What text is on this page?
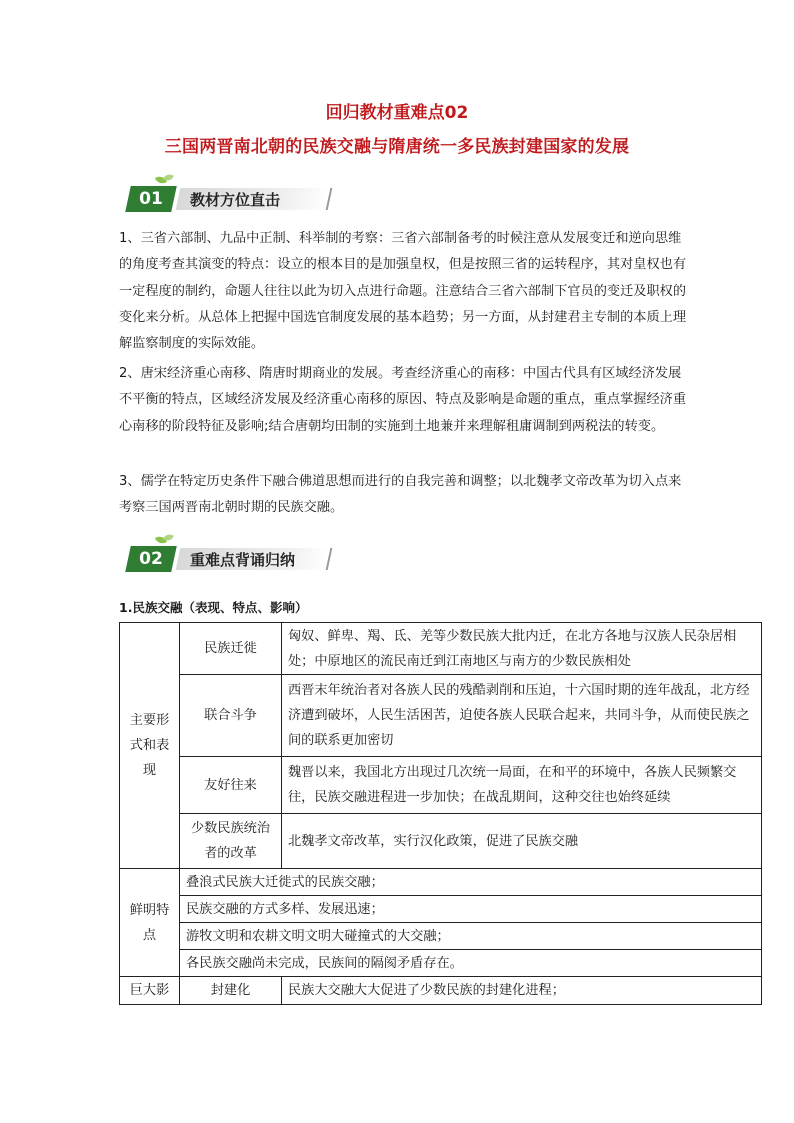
回归教材重难点02
三国两晋南北朝的民族交融与隋唐统一多民族封建国家的发展
01	教材方位直击

1、三省六部制、九品中正制、科举制的考察：三省六部制备考的时候注意从发展变迁和逆向思维的角度考查其演变的特点：设立的根本目的是加强皇权，但是按照三省的运转程序，其对皇权也有一定程度的制约，命题人往往以此为切入点进行命题。注意结合三省六部制下官员的变迁及职权的变化来分析。从总体上把握中国选官制度发展的基本趋势；另一方面，从封建君主专制的本质上理解监察制度的实际效能。

2、唐宋经济重心南移、隋唐时期商业的发展。考查经济重心的南移：中国古代具有区域经济发展不平衡的特点，区域经济发展及经济重心南移的原因、特点及影响是命题的重点，重点掌握经济重心南移的阶段特征及影响;结合唐朝均田制的实施到土地兼并来理解租庸调制到两税法的转变。

3、儒学在特定历史条件下融合佛道思想而进行的自我完善和调整；以北魏孝文帝改革为切入点来考察三国两晋南北朝时期的民族交融。

02	重难点背诵归纳
1.民族交融（表现、特点、影响）
主要形式和表现	民族迁徙	匈奴、鲜卑、羯、氐、羌等少数民族大批内迁，在北方各地与汉族人民杂居相处；中原地区的流民南迁到江南地区与南方的少数民族相处
	联合斗争	西晋末年统治者对各族人民的残酷剥削和压迫，十六国时期的连年战乱，北方经济遭到破坏，人民生活困苦，迫使各族人民联合起来，共同斗争，从而使民族之间的联系更加密切
	友好往来	魏晋以来，我国北方出现过几次统一局面，在和平的环境中，各族人民频繁交往，民族交融进程进一步加快；在战乱期间，这种交往也始终延续
	少数民族统治者的改革	北魏孝文帝改革，实行汉化政策，促进了民族交融
鲜明特点	叠浪式民族大迁徙式的民族交融；	
	民族交融的方式多样、发展迅速；	
	游牧文明和农耕文明文明大碰撞式的大交融；	
	各民族交融尚未完成，民族间的隔阂矛盾存在。	
巨大影	封建化	民族大交融大大促进了少数民族的封建化进程；
